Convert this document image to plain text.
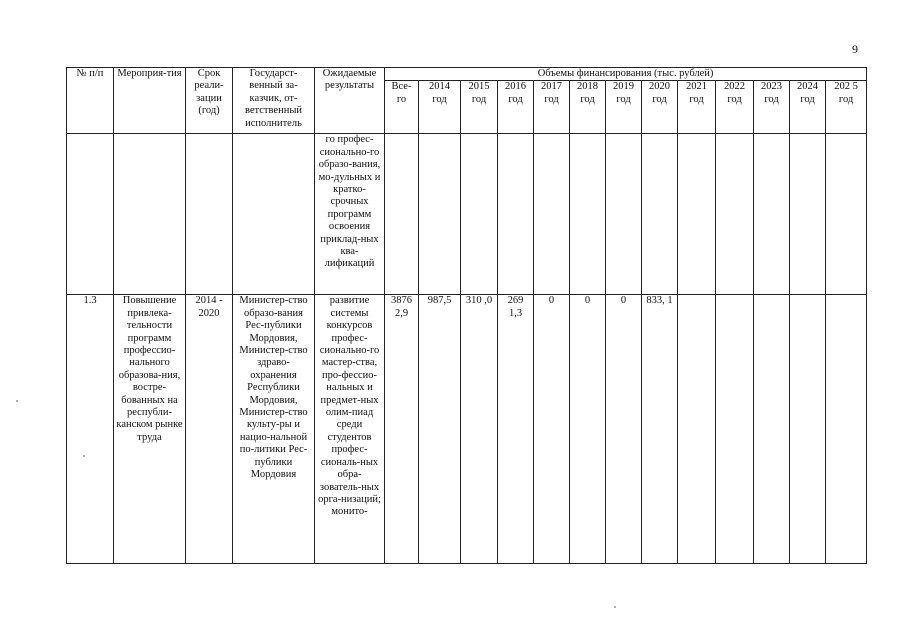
9
№ п/п	Мероприя-тия	Срок реали-зации (год)	Государст-венный за-казчик, от-ветственный исполнитель	Ожидаемые результаты	Объемы финансирования (тыс. рублей)												
					Все-го	2014 год	2015 год	2016 год	2017 год	2018 год	2019 год	2020 год	2021 год	2022 год	2023 год	2024 год	202 5 год
				го профес-сионально-го образо-вания, мо-дульных и кратко-срочных программ освоения приклад-ных ква-лификаций													
1.3	Повышение привлека-тельности программ профессио-нального образова-ния, востре-бованных на республи-канском рынке труда	2014 - 2020	Министер-ство образо-вания Рес-публики Мордовия, Министер-ство здраво-охранения Республики Мордовия, Министер-ство культу-ры и нацио-нальной по-литики Рес-публики Мордовия	развитие системы конкурсов профес-сионально-го мастер-ства, про-фессио-нальных и предмет-ных олим-пиад среди студентов профес-сиональ-ных обра-зователь-ных орга-низаций; монито-	3876 2,9	987,5	310 ,0	269 1,3	0	0	0	833, 1					
